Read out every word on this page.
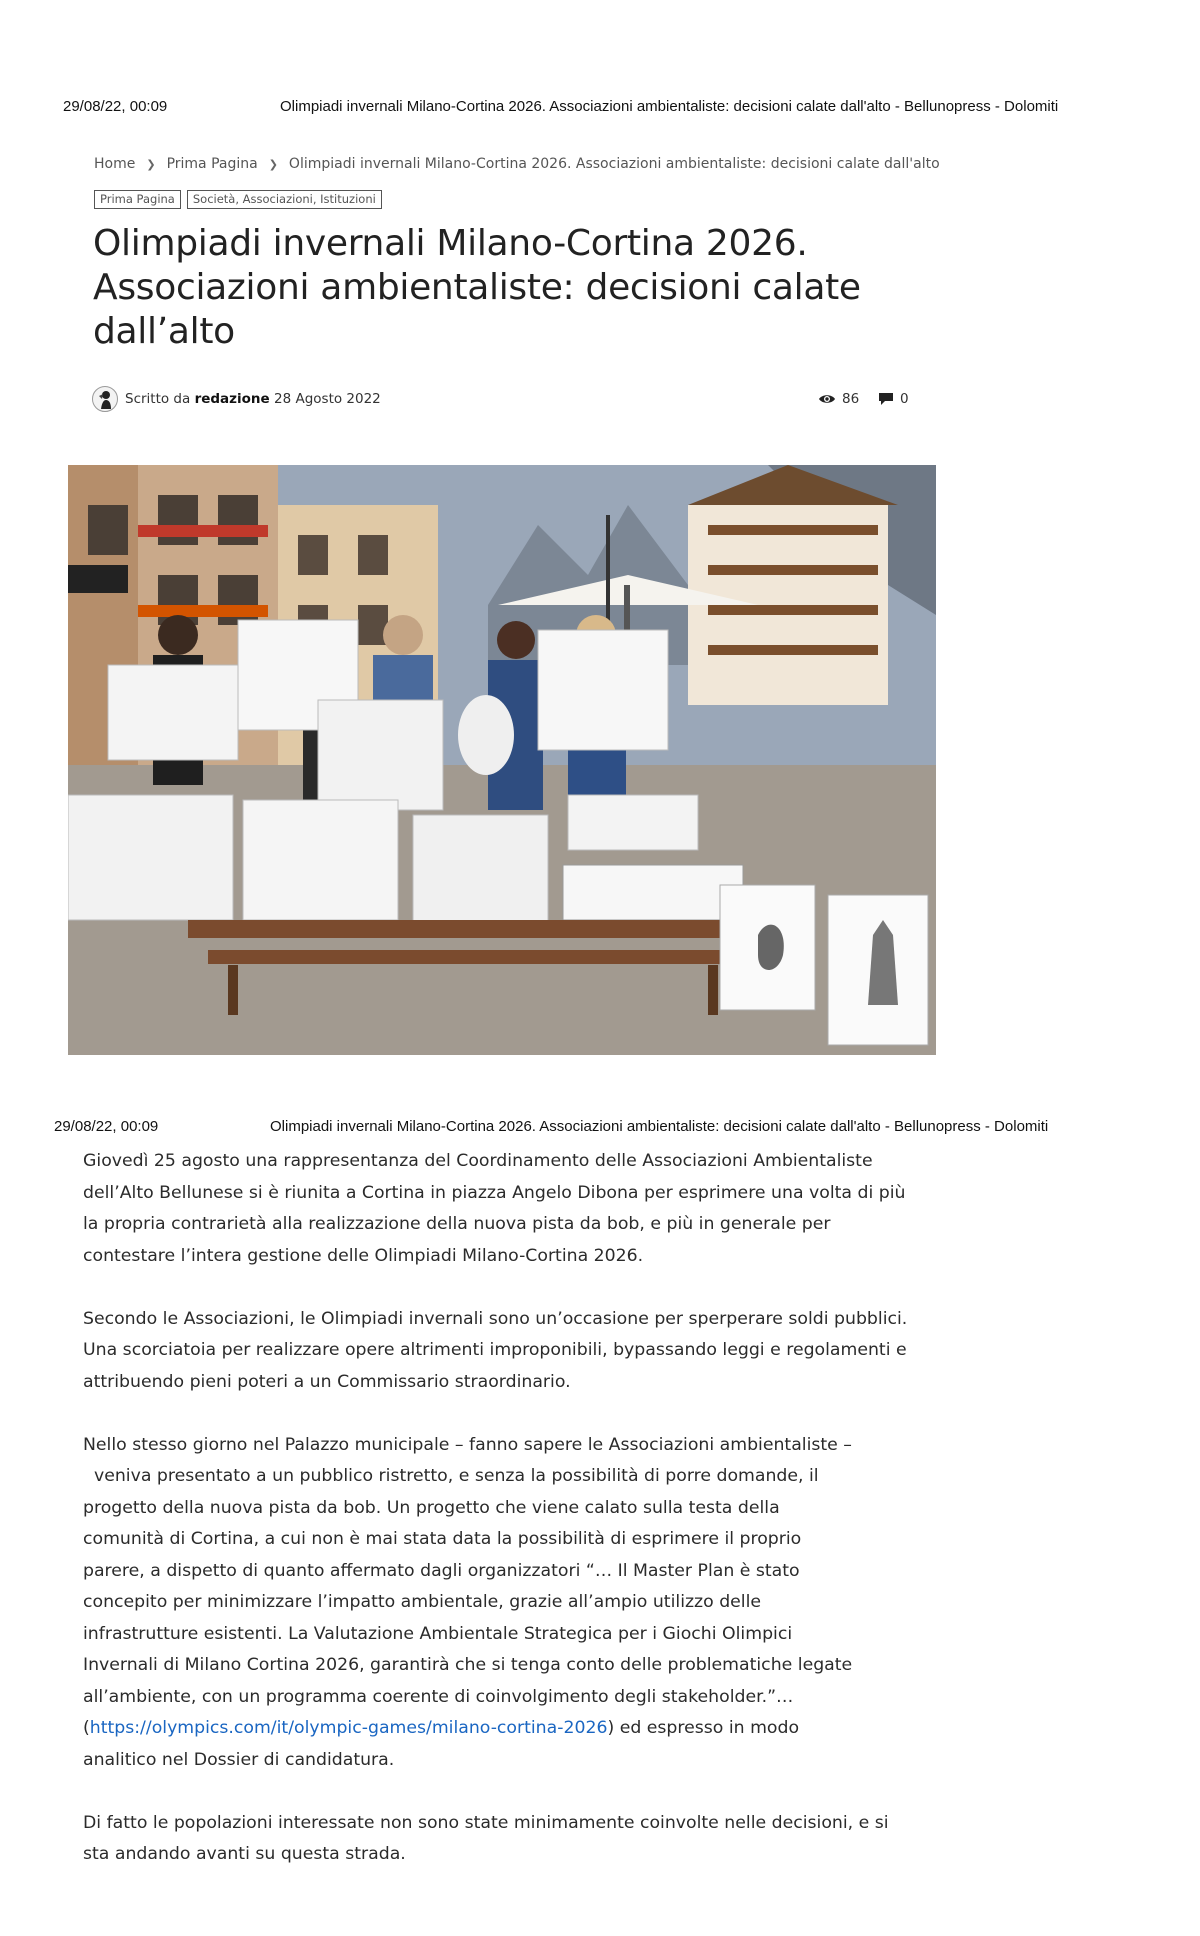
29/08/22, 00:09	Olimpiadi invernali Milano-Cortina 2026. Associazioni ambientaliste: decisioni calate dall'alto - Bellunopress - Dolomiti
Home ❯ Prima Pagina ❯ Olimpiadi invernali Milano-Cortina 2026. Associazioni ambientaliste: decisioni calate dall'alto
Prima Pagina Società, Associazioni, Istituzioni
Olimpiadi invernali Milano-Cortina 2026. Associazioni ambientaliste: decisioni calate dall’alto
Scritto da redazione 28 Agosto 2022	86	0
29/08/22, 00:09	Olimpiadi invernali Milano-Cortina 2026. Associazioni ambientaliste: decisioni calate dall'alto - Bellunopress - Dolomiti

Giovedì 25 agosto una rappresentanza del Coordinamento delle Associazioni Ambientaliste dell’Alto Bellunese si è riunita a Cortina in piazza Angelo Dibona per esprimere una volta di più la propria contrarietà alla realizzazione della nuova pista da bob, e più in generale per contestare l’intera gestione delle Olimpiadi Milano-Cortina 2026.

Secondo le Associazioni, le Olimpiadi invernali sono un’occasione per sperperare soldi pubblici. Una scorciatoia per realizzare opere altrimenti improponibili, bypassando leggi e regolamenti e attribuendo pieni poteri a un Commissario straordinario.

Nello stesso giorno nel Palazzo municipale – fanno sapere le Associazioni ambientaliste –
veniva presentato a un pubblico ristretto, e senza la possibilità di porre domande, il
progetto della nuova pista da bob. Un progetto che viene calato sulla testa della
comunità di Cortina, a cui non è mai stata data la possibilità di esprimere il proprio
parere, a dispetto di quanto affermato dagli organizzatori “… Il Master Plan è stato
concepito per minimizzare l’impatto ambientale, grazie all’ampio utilizzo delle
infrastrutture esistenti. La Valutazione Ambientale Strategica per i Giochi Olimpici
Invernali di Milano Cortina 2026, garantirà che si tenga conto delle problematiche legate
all’ambiente, con un programma coerente di coinvolgimento degli stakeholder.”…
(https://olympics.com/it/olympic-games/milano-cortina-2026) ed espresso in modo
analitico nel Dossier di candidatura.

Di fatto le popolazioni interessate non sono state minimamente coinvolte nelle decisioni, e si sta andando avanti su questa strada.
